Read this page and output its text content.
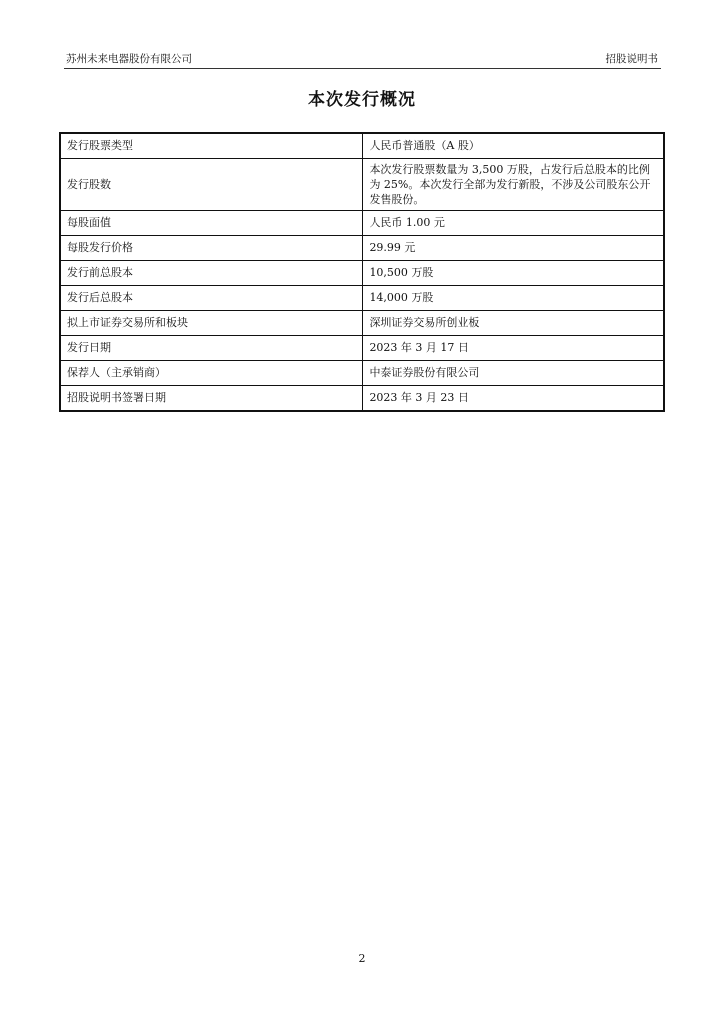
苏州未来电器股份有限公司	招股说明书
本次发行概况
发行股票类型	人民币普通股（A 股）
发行股数	本次发行股票数量为 3,500 万股，占发行后总股本的比例为 25%。本次发行全部为发行新股，不涉及公司股东公开发售股份。
每股面值	人民币 1.00 元
每股发行价格	29.99 元
发行前总股本	10,500 万股
发行后总股本	14,000 万股
拟上市证券交易所和板块	深圳证券交易所创业板
发行日期	2023 年 3 月 17 日
保荐人（主承销商）	中泰证券股份有限公司
招股说明书签署日期	2023 年 3 月 23 日
2
